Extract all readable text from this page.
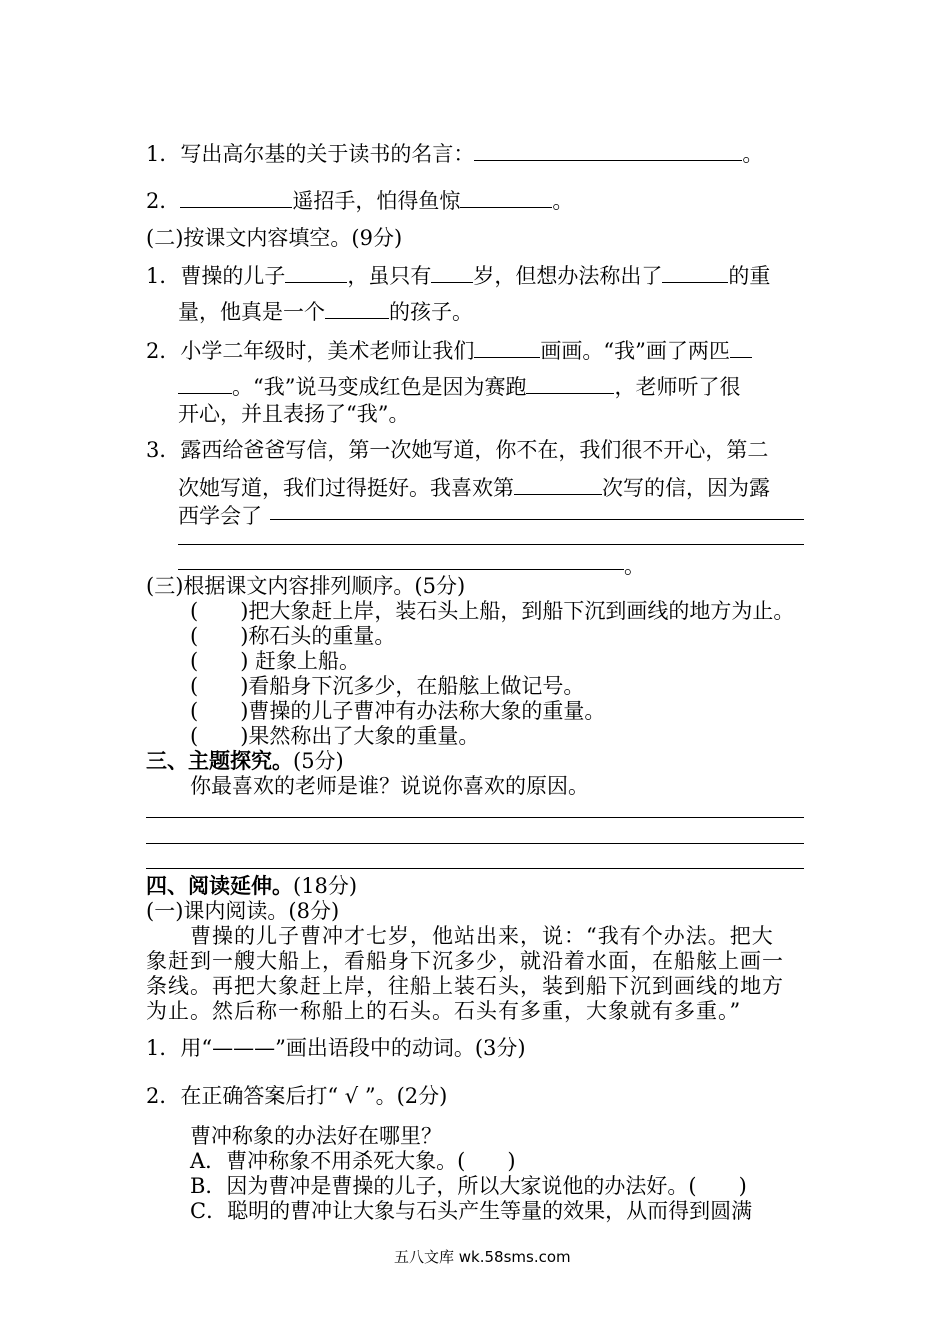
1．写出高尔基的关于读书的名言：	。
2．	遥招手，怕得鱼惊	。
(二)按课文内容填空。(9分)
1．曹操的儿子	，虽只有 岁，但想办法称出了	的重
量，他真是一个	的孩子。
2．小学二年级时，美术老师让我们	画画。“我”画了两匹
。“我”说马变成红色是因为赛跑	，老师听了很
开心，并且表扬了“我”。
3．露西给爸爸写信，第一次她写道，你不在，我们很不开心，第二
次她写道，我们过得挺好。我喜欢第	次写的信，因为露
西学会了
。
(三)根据课文内容排列顺序。(5分)
(　　)把大象赶上岸，装石头上船，到船下沉到画线的地方为止。
(　　)称石头的重量。
(　　) 赶象上船。
(　　)看船身下沉多少，在船舷上做记号。
(　　)曹操的儿子曹冲有办法称大象的重量。
(　　)果然称出了大象的重量。
三、主题探究。(5分)
你最喜欢的老师是谁？说说你喜欢的原因。
四、阅读延伸。(18分)
(一)课内阅读。(8分)
曹操的儿子曹冲才七岁，他站出来，说：“我有个办法。把大
象赶到一艘大船上，看船身下沉多少，就沿着水面，在船舷上画一
条线。再把大象赶上岸，往船上装石头，装到船下沉到画线的地方
为止。然后称一称船上的石头。石头有多重，大象就有多重。”
1．用“———”画出语段中的动词。(3分)
2．在正确答案后打“ √ ”。(2分)
曹冲称象的办法好在哪里？
A．曹冲称象不用杀死大象。(　　)
B．因为曹冲是曹操的儿子，所以大家说他的办法好。(　　)
C．聪明的曹冲让大象与石头产生等量的效果，从而得到圆满
五八文库 wk.58sms.com
